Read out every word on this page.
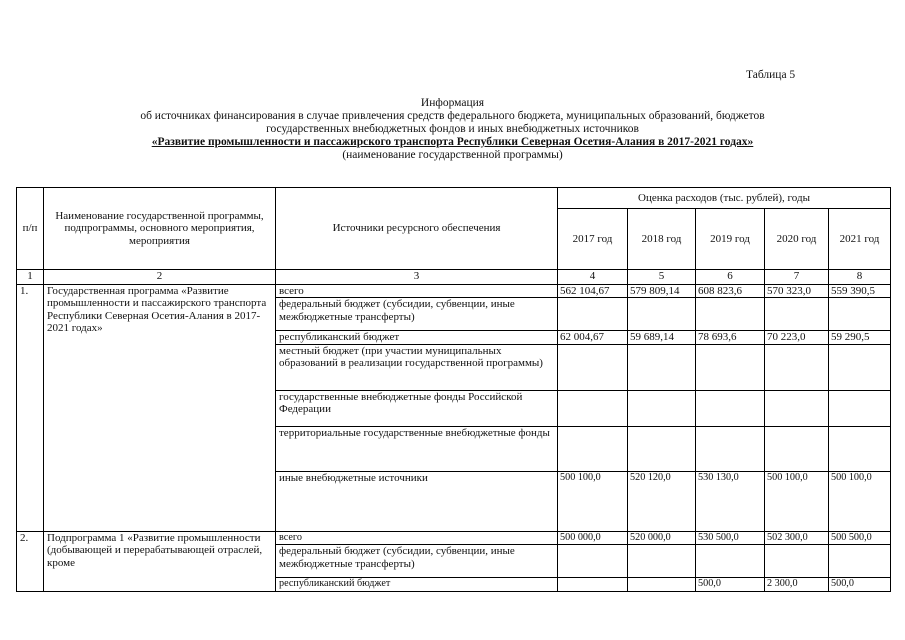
Таблица 5
Информация
об источниках финансирования в случае привлечения средств федерального бюджета, муниципальных образований, бюджетов
государственных внебюджетных фондов и иных внебюджетных источников
«Развитие промышленности и пассажирского транспорта Республики Северная Осетия-Алания в 2017-2021 годах»
(наименование государственной программы)
п/п	Наименование государственной программы, подпрограммы, основного мероприятия, мероприятия	Источники ресурсного обеспечения	Оценка расходов (тыс. рублей), годы				
			2017 год	2018 год	2019 год	2020 год	2021 год
1	2	3	4	5	6	7	8
1.	Государственная программа «Развитие промышленности и пассажирского транспорта Республики Северная Осетия-Алания в 2017-2021 годах»	всего	562 104,67	579 809,14	608 823,6	570 323,0	559 390,5
		федеральный бюджет (субсидии, субвенции, иные межбюджетные трансферты)					
		республиканский бюджет	62 004,67	59 689,14	78 693,6	70 223,0	59 290,5
		местный бюджет (при участии муниципальных образований в реализации государственной программы)					
		государственные внебюджетные фонды Российской Федерации					
		территориальные государственные внебюджетные фонды					
		иные внебюджетные источники	500 100,0	520 120,0	530 130,0	500 100,0	500 100,0
2.	Подпрограмма 1 «Развитие промышленности (добывающей и перерабатывающей отраслей, кроме	всего	500 000,0	520 000,0	530 500,0	502 300,0	500 500,0
		федеральный бюджет (субсидии, субвенции, иные межбюджетные трансферты)					
		республиканский бюджет			500,0	2 300,0	500,0
